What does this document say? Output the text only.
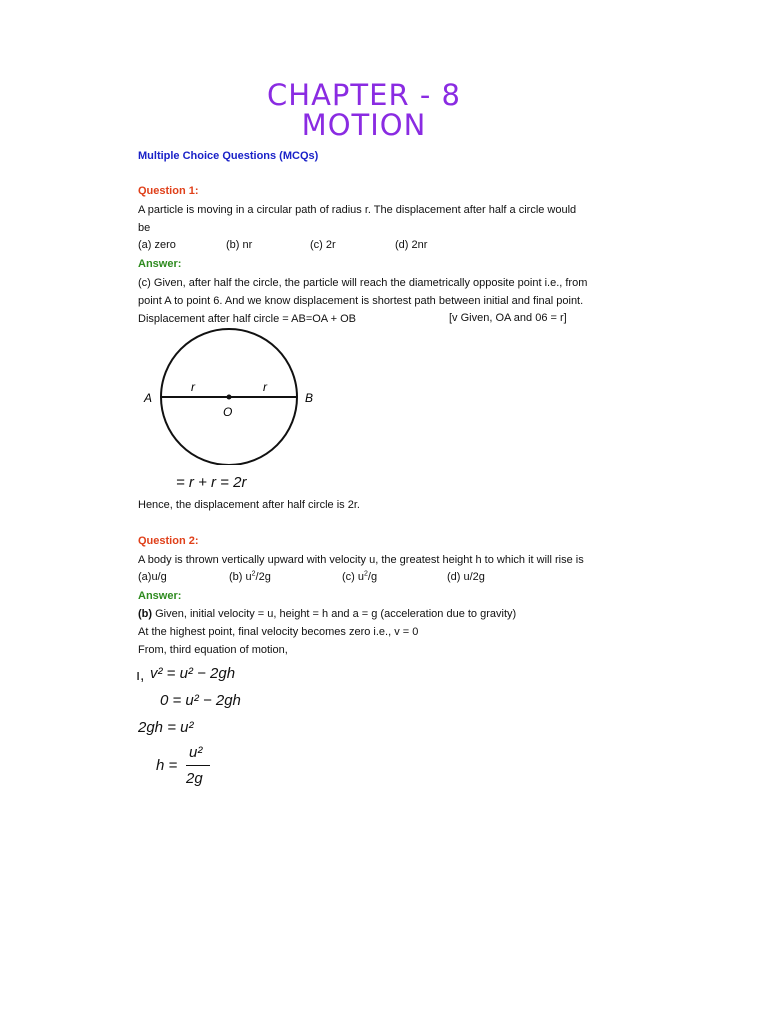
CHAPTER - 8
MOTION
Multiple Choice Questions (MCQs)
Question 1:
A particle is moving in a circular path of radius r. The displacement after half a circle would
be
(a) zero	(b) nr	(c) 2r	(d) 2nr
Answer:
(c) Given, after half the circle, the particle will reach the diametrically opposite point i.e., from
point A to point 6. And we know displacement is shortest path between initial and final point.
Displacement after half circle = AB=OA + OB	[v Given, OA and 06 = r]
A	B
O
r	r
= r + r = 2r
Hence, the displacement after half circle is 2r.
Question 2:
A body is thrown vertically upward with velocity u, the greatest height h to which it will rise is
(a)u/g	(b) $u^2/2g$	(c) $u^2/g$	(d) u/2g
Answer:
(b) Given, initial velocity = u, height = h and a = g (acceleration due to gravity)
At the highest point, final velocity becomes zero i.e., v = 0
From, third equation of motion,
ı, v² = u² − 2gh
0 = u² − 2gh
2gh = u²
h =
u²
2g
